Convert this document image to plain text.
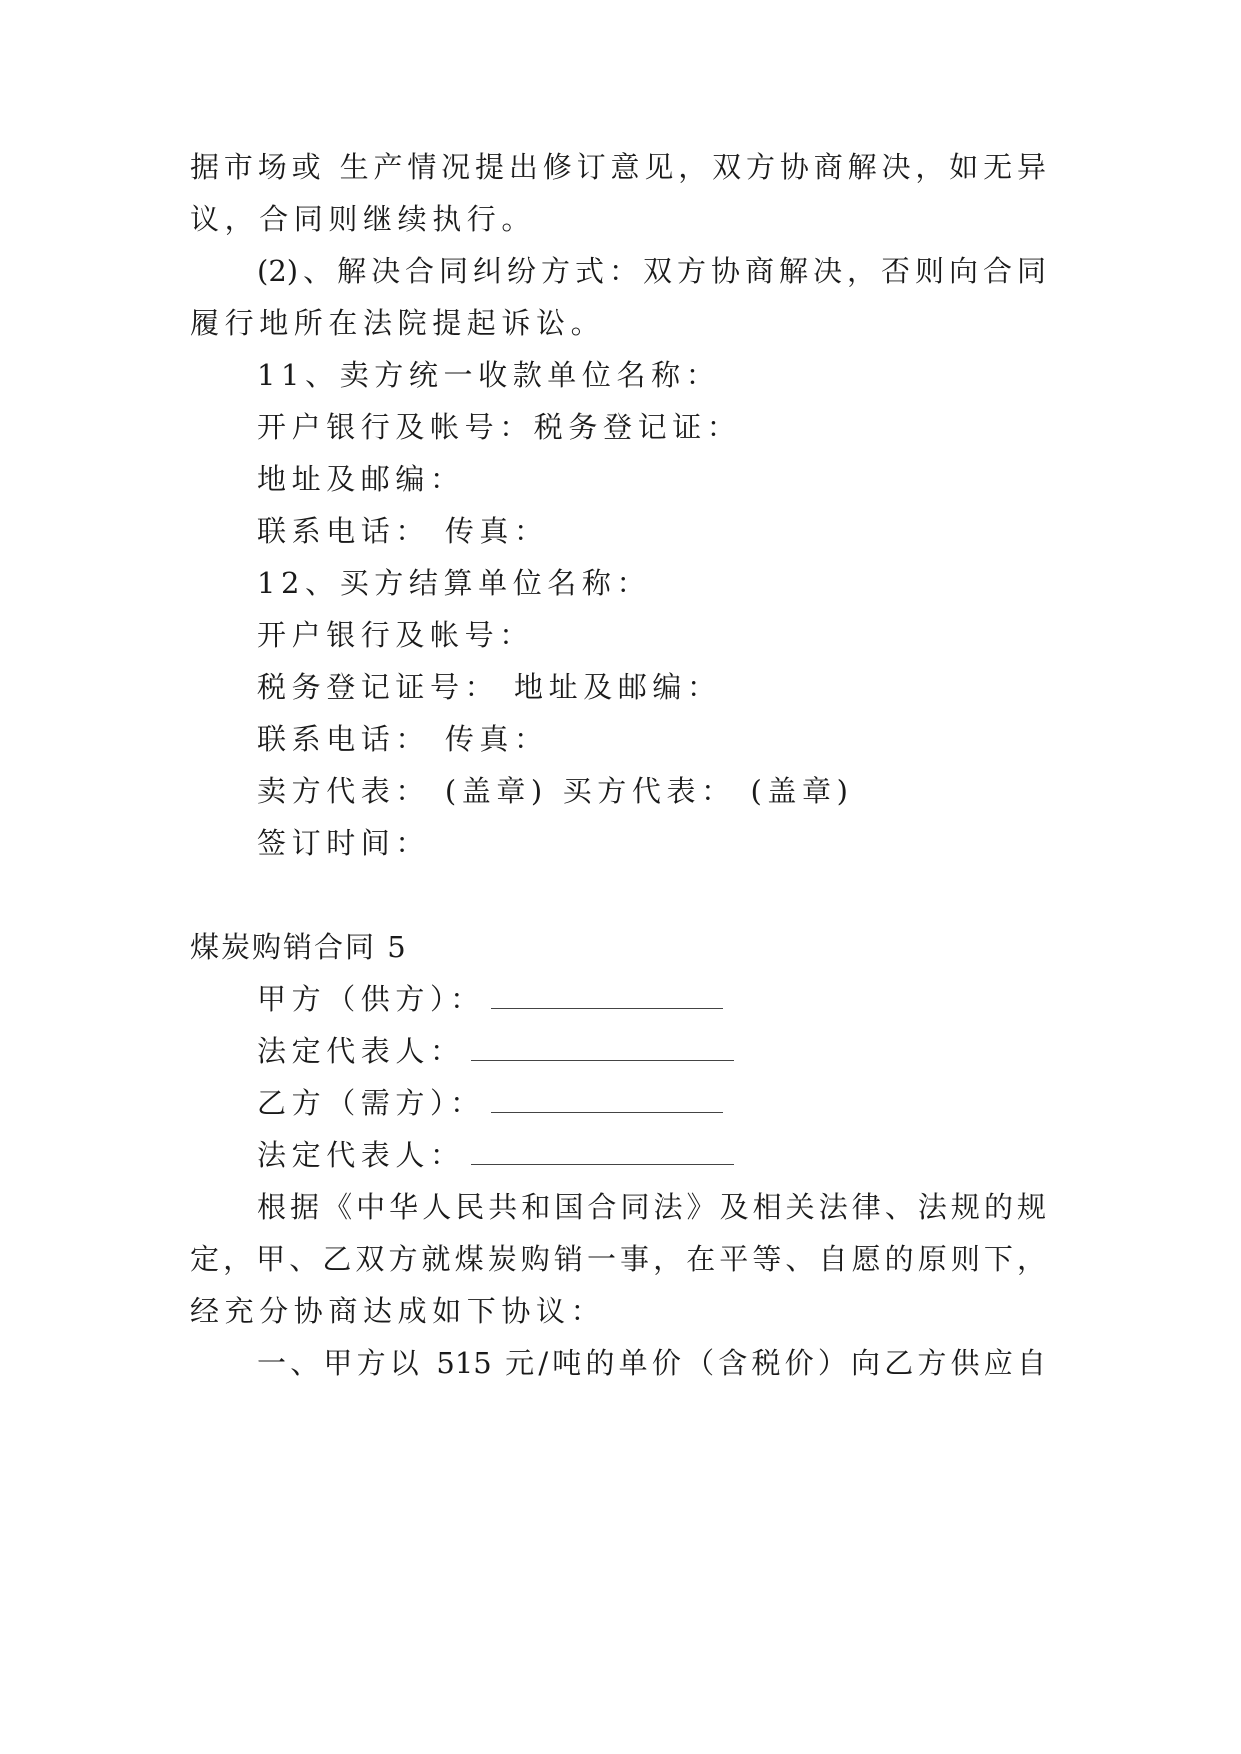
据市场或 生产情况提出修订意见，双方协商解决，如无异
议，合同则继续执行。
(2)、解决合同纠纷方式：双方协商解决，否则向合同
履行地所在法院提起诉讼。
11、卖方统一收款单位名称：
开户银行及帐号：税务登记证：
地址及邮编：
联系电话： 传真：
12、买方结算单位名称：
开户银行及帐号：
税务登记证号： 地址及邮编：
联系电话： 传真：
卖方代表： (盖章) 买方代表： (盖章)
签订时间：
煤炭购销合同 5
甲方（供方）：
法定代表人：
乙方（需方）：
法定代表人：
根据《中华人民共和国合同法》及相关法律、法规的规
定，甲、乙双方就煤炭购销一事，在平等、自愿的原则下，
经充分协商达成如下协议：
一、甲方以 515 元/吨的单价（含税价）向乙方供应自
